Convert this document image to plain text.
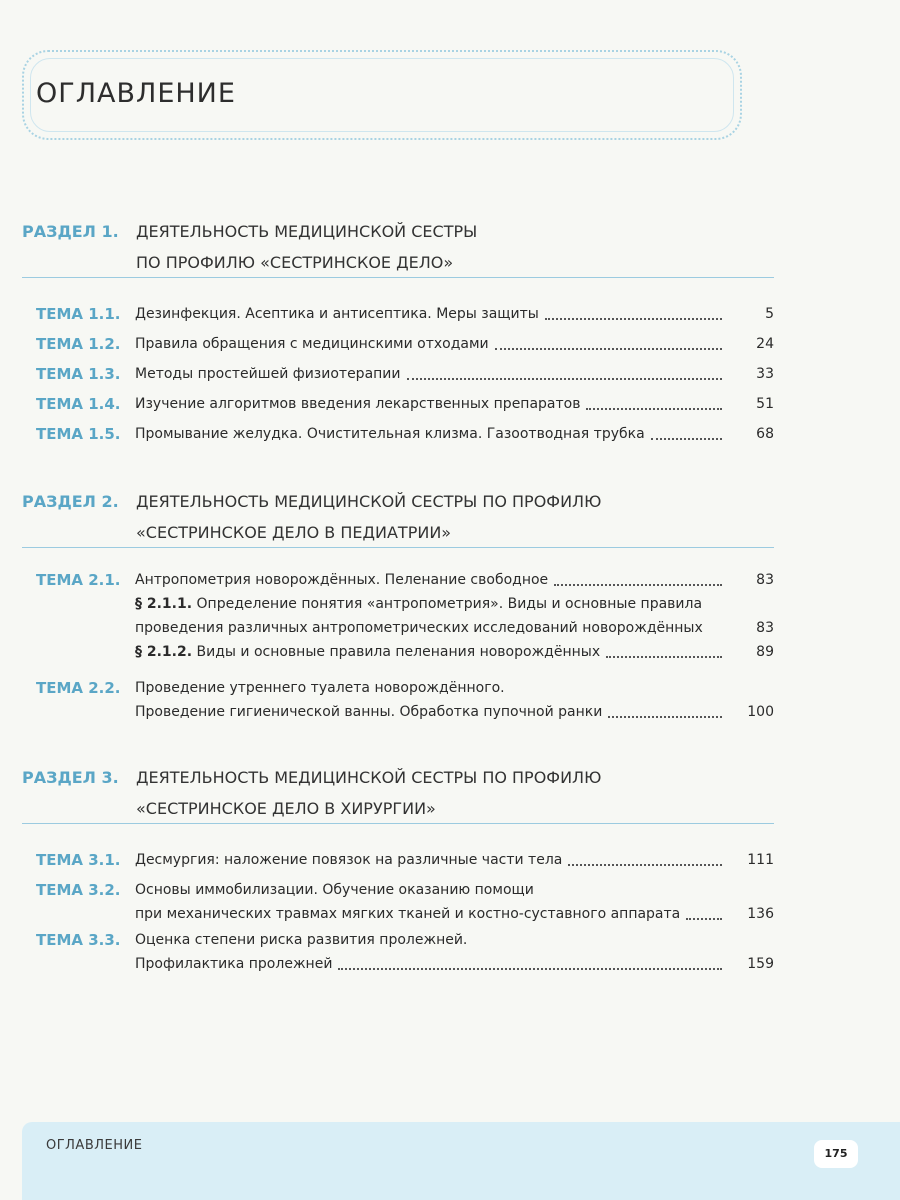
ОГЛАВЛЕНИЕ
РАЗДЕЛ 1.	ДЕЯТЕЛЬНОСТЬ МЕДИЦИНСКОЙ СЕСТРЫ
ПО ПРОФИЛЮ «СЕСТРИНСКОЕ ДЕЛО»
ТЕМА 1.1. Дезинфекция. Асептика и антисептика. Меры защиты	5
ТЕМА 1.2. Правила обращения с медицинскими отходами	24
ТЕМА 1.3. Методы простейшей физиотерапии	33
ТЕМА 1.4. Изучение алгоритмов введения лекарственных препаратов	51
ТЕМА 1.5. Промывание желудка. Очистительная клизма. Газоотводная трубка	68
РАЗДЕЛ 2.	ДЕЯТЕЛЬНОСТЬ МЕДИЦИНСКОЙ СЕСТРЫ ПО ПРОФИЛЮ
«СЕСТРИНСКОЕ ДЕЛО В ПЕДИАТРИИ»
ТЕМА 2.1. Антропометрия новорождённых. Пеленание свободное	83
§ 2.1.1. Определение понятия «антропометрия». Виды и основные правила
проведения различных антропометрических исследований новорождённых	83
§ 2.1.2. Виды и основные правила пеленания новорождённых	89
ТЕМА 2.2. Проведение утреннего туалета новорождённого.
Проведение гигиенической ванны. Обработка пупочной ранки	100
РАЗДЕЛ 3.	ДЕЯТЕЛЬНОСТЬ МЕДИЦИНСКОЙ СЕСТРЫ ПО ПРОФИЛЮ
«СЕСТРИНСКОЕ ДЕЛО В ХИРУРГИИ»
ТЕМА 3.1. Десмургия: наложение повязок на различные части тела	111
ТЕМА 3.2. Основы иммобилизации. Обучение оказанию помощи
при механических травмах мягких тканей и костно-суставного аппарата	136
ТЕМА 3.3. Оценка степени риска развития пролежней.
Профилактика пролежней	159
ОГЛАВЛЕНИЕ
175
